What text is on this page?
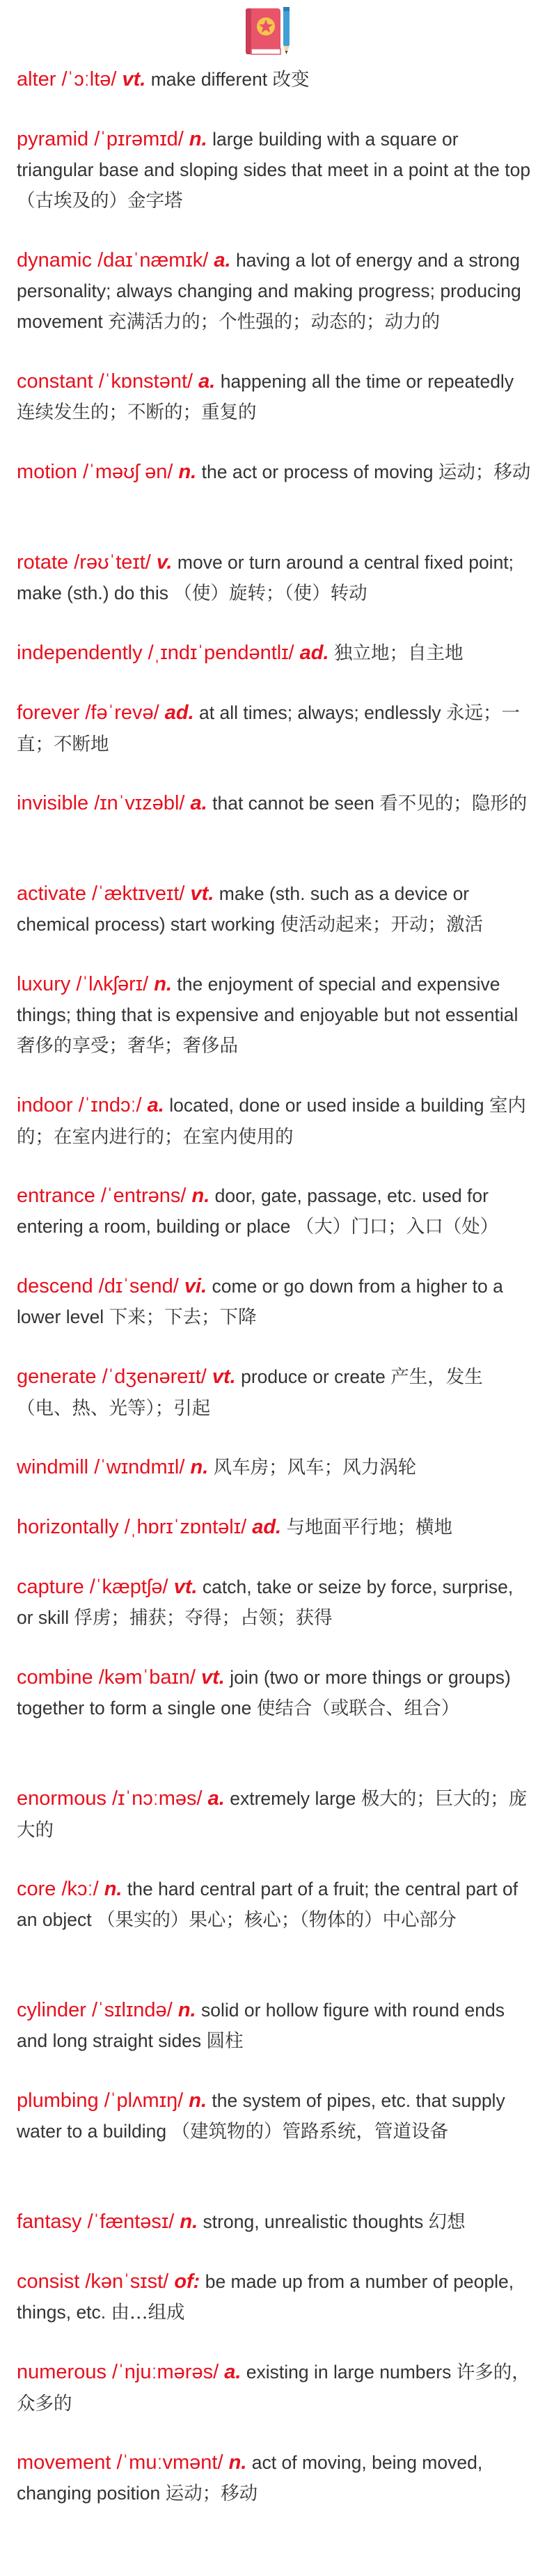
alter /ˈɔːltə/ vt. make different 改变

pyramid /ˈpɪrəmɪd/ n. large building with a square or triangular base and sloping sides that meet in a point at the top （古埃及的）金字塔

dynamic /daɪˈnæmɪk/ a. having a lot of energy and a strong personality; always changing and making progress; producing movement 充满活力的；个性强的；动态的；动力的

constant /ˈkɒnstənt/ a. happening all the time or repeatedly 连续发生的；不断的；重复的

motion /ˈməʊʃ ən/ n. the act or process of moving 运动；移动

rotate /rəʊˈteɪt/ v. move or turn around a central fixed point; make (sth.) do this （使）旋转；（使）转动

independently /ˌɪndɪˈpendəntlɪ/ ad. 独立地；自主地

forever /fəˈrevə/ ad. at all times; always; endlessly 永远；一直；不断地

invisible /ɪnˈvɪzəbl/ a. that cannot be seen 看不见的；隐形的

activate /ˈæktɪveɪt/ vt. make (sth. such as a device or chemical process) start working 使活动起来；开动；激活

luxury /ˈlʌkʃərɪ/ n. the enjoyment of special and expensive things; thing that is expensive and enjoyable but not essential 奢侈的享受；奢华；奢侈品

indoor /ˈɪndɔː/ a. located, done or used inside a building 室内的；在室内进行的；在室内使用的

entrance /ˈentrəns/ n. door, gate, passage, etc. used for entering a room, building or place （大）门口；入口（处）

descend /dɪˈsend/ vi. come or go down from a higher to a lower level 下来；下去；下降

generate /ˈdʒenəreɪt/ vt. produce or create 产生，发生（电、热、光等）；引起

windmill /ˈwɪndmɪl/ n. 风车房；风车；风力涡轮

horizontally /ˌhɒrɪˈzɒntəlɪ/ ad. 与地面平行地；横地

capture /ˈkæptʃə/ vt. catch, take or seize by force, surprise, or skill 俘虏；捕获；夺得；占领；获得

combine /kəmˈbaɪn/ vt. join (two or more things or groups) together to form a single one 使结合（或联合、组合）

enormous /ɪˈnɔːməs/ a. extremely large 极大的；巨大的；庞大的

core /kɔː/ n. the hard central part of a fruit; the central part of an object （果实的）果心；核心；（物体的）中心部分

cylinder /ˈsɪlɪndə/ n. solid or hollow figure with round ends and long straight sides 圆柱

plumbing /ˈplʌmɪŋ/ n. the system of pipes, etc. that supply water to a building （建筑物的）管路系统，管道设备

fantasy /ˈfæntəsɪ/ n. strong, unrealistic thoughts 幻想

consist /kənˈsɪst/ of: be made up from a number of people, things, etc. 由…组成

numerous /ˈnjuːmərəs/ a. existing in large numbers 许多的，众多的

movement /ˈmuːvmənt/ n. act of moving, being moved, changing position 运动；移动
